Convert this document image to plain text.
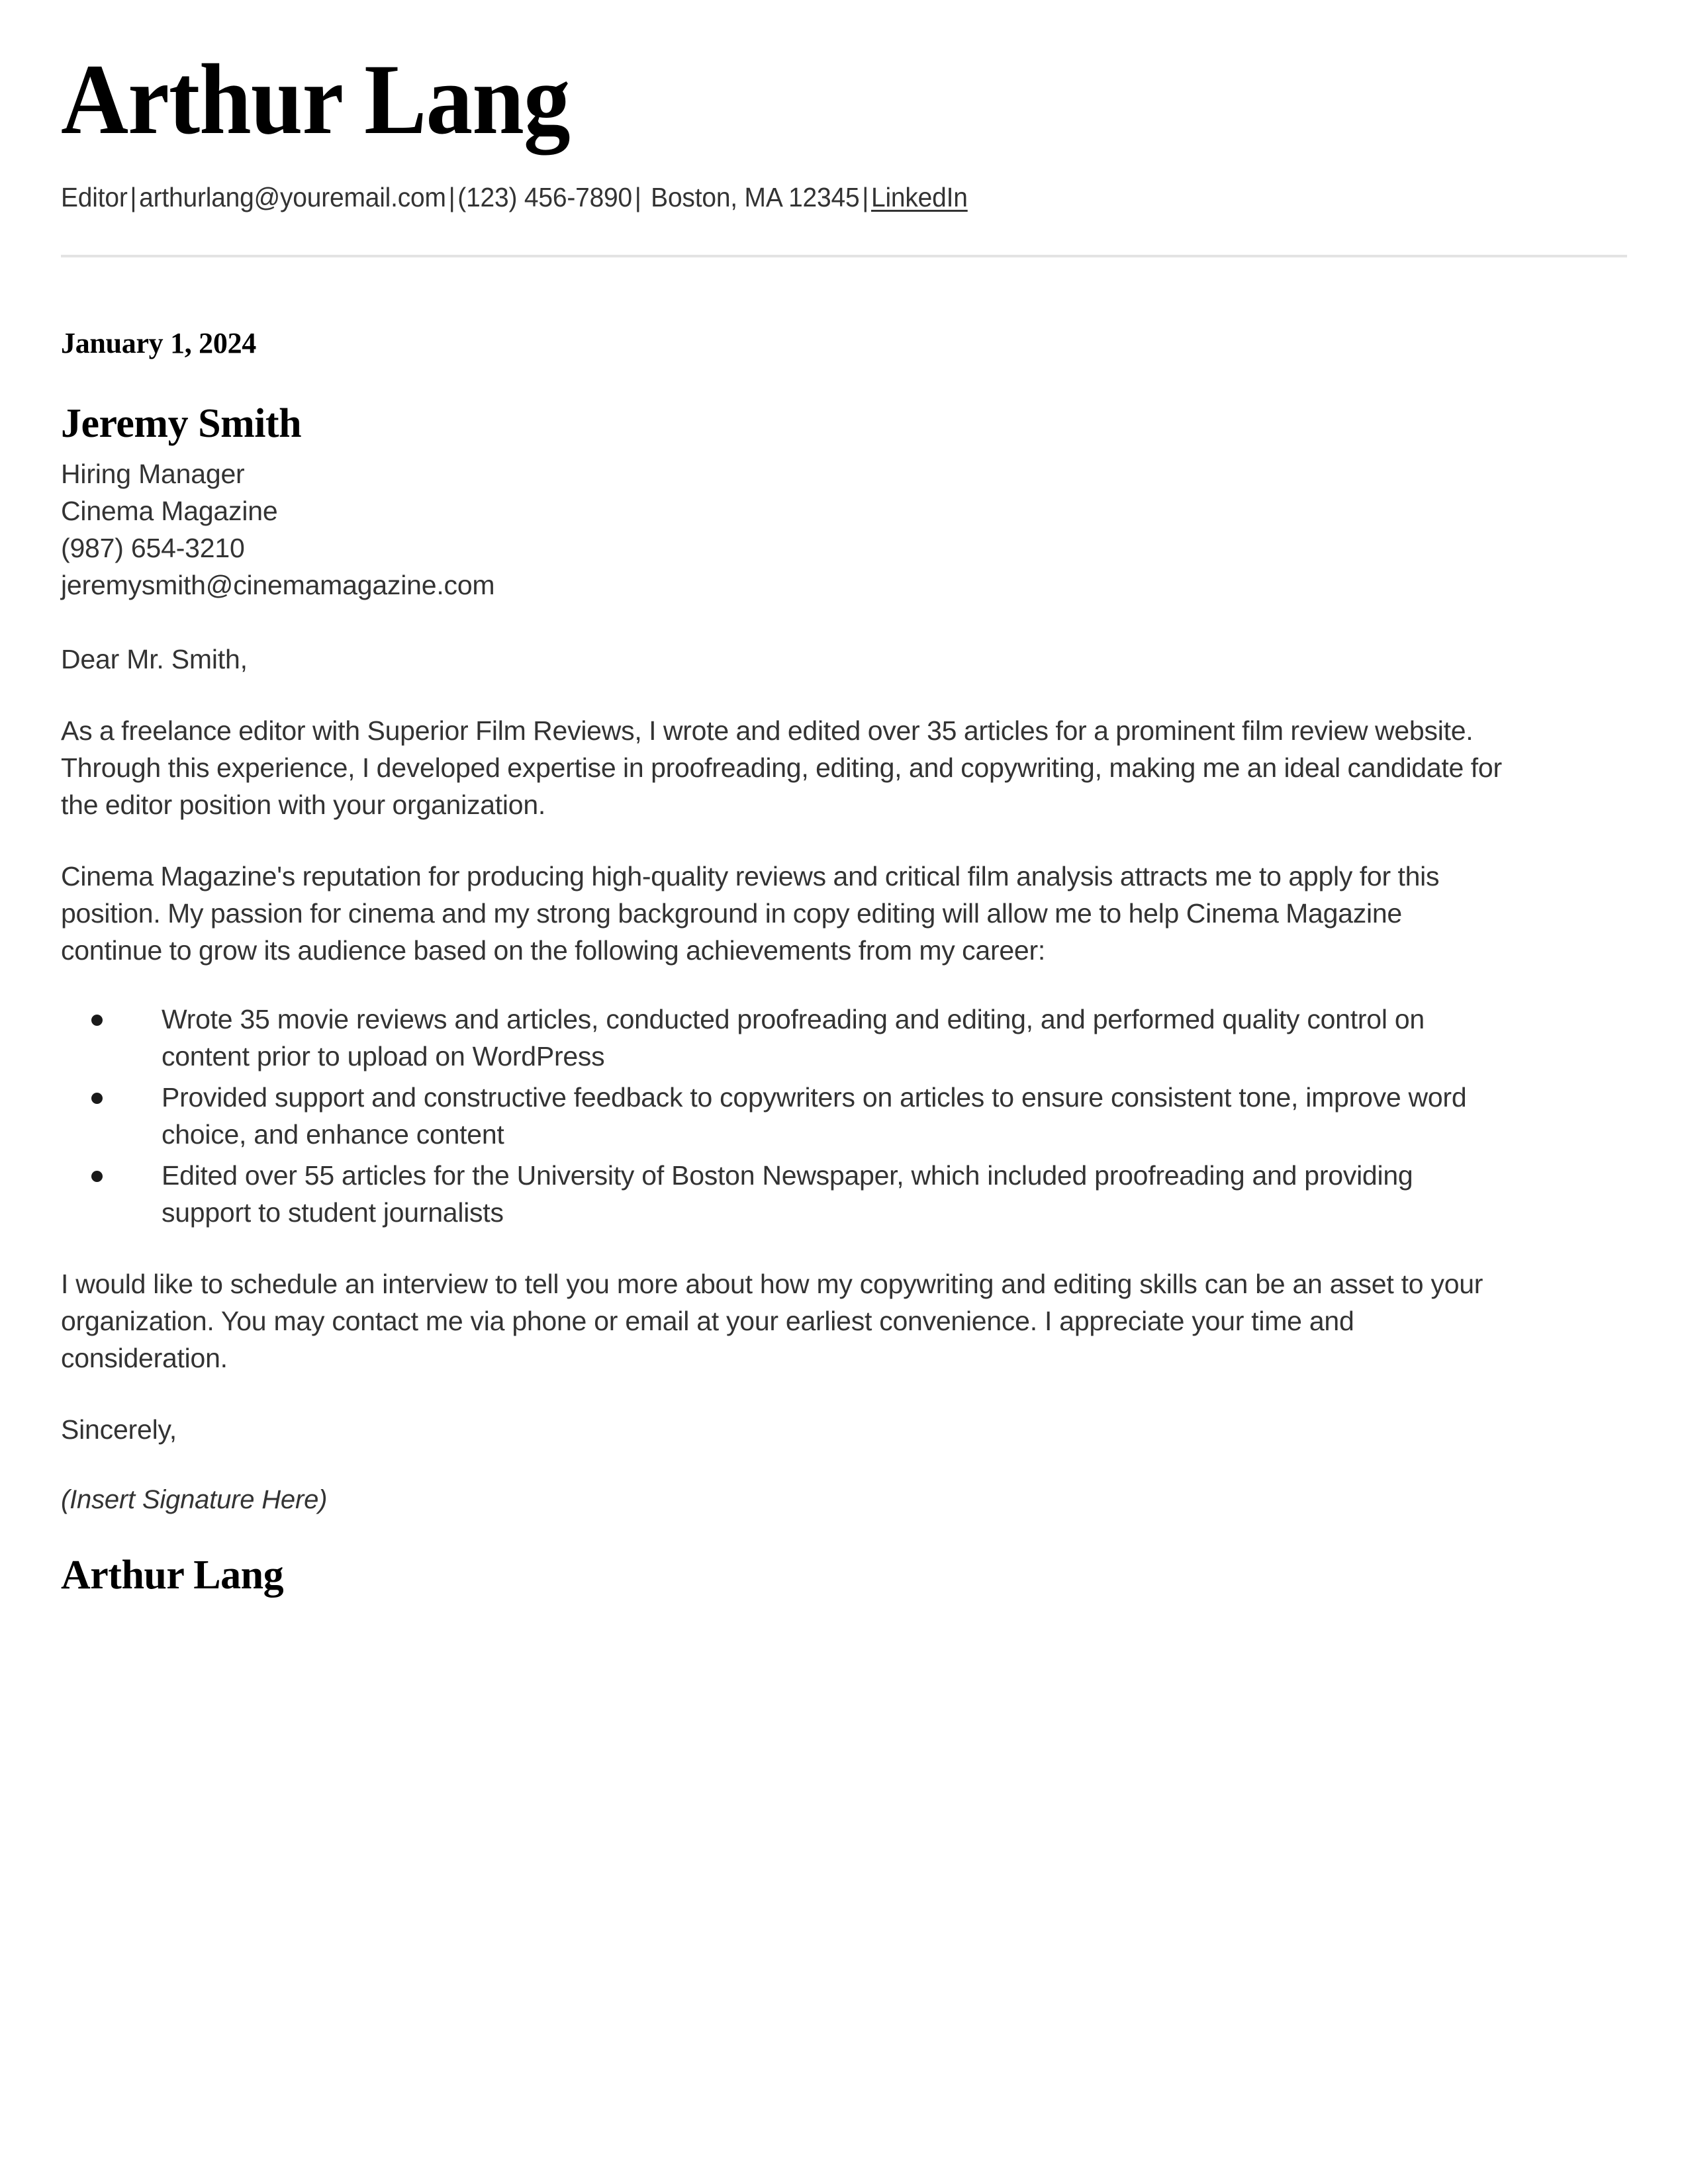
Arthur Lang
Editor|arthurlang@youremail.com|(123) 456-7890| Boston, MA 12345|LinkedIn
January 1, 2024
Jeremy Smith
Hiring Manager
Cinema Magazine
(987) 654-3210
jeremysmith@cinemamagazine.com
Dear Mr. Smith,

As a freelance editor with Superior Film Reviews, I wrote and edited over 35 articles for a prominent film review website. Through this experience, I developed expertise in proofreading, editing, and copywriting, making me an ideal candidate for the editor position with your organization.

Cinema Magazine's reputation for producing high-quality reviews and critical film analysis attracts me to apply for this position. My passion for cinema and my strong background in copy editing will allow me to help Cinema Magazine continue to grow its audience based on the following achievements from my career:

Wrote 35 movie reviews and articles, conducted proofreading and editing, and performed quality control on content prior to upload on WordPress
Provided support and constructive feedback to copywriters on articles to ensure consistent tone, improve word choice, and enhance content
Edited over 55 articles for the University of Boston Newspaper, which included proofreading and providing support to student journalists

I would like to schedule an interview to tell you more about how my copywriting and editing skills can be an asset to your organization. You may contact me via phone or email at your earliest convenience. I appreciate your time and consideration.

Sincerely,
(Insert Signature Here)
Arthur Lang
